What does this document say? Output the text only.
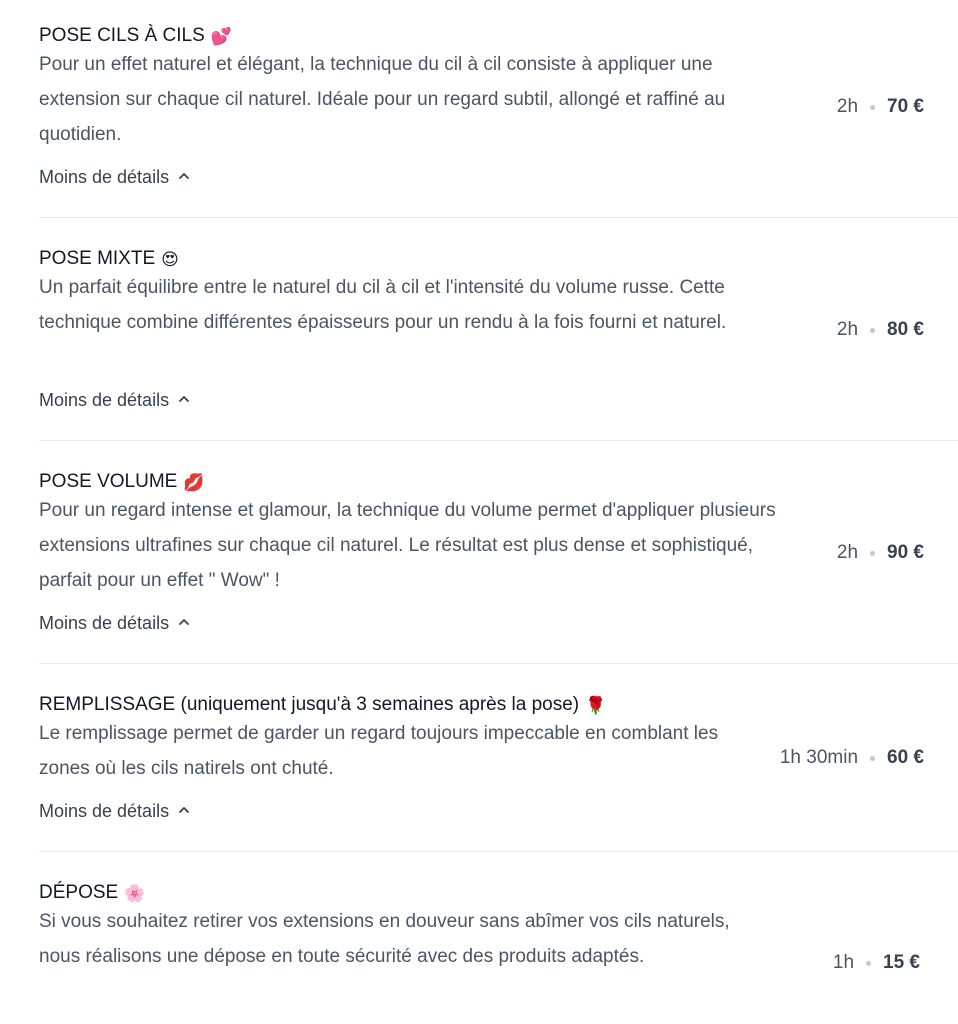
POSE CILS À CILS 💕
Pour un effet naturel et élégant, la technique du cil à cil consiste à appliquer une extension sur chaque cil naturel. Idéale pour un regard subtil, allongé et raffiné au quotidien.
Moins de détails
2h 70 €
POSE MIXTE 😍
Un parfait équilibre entre le naturel du cil à cil et l'intensité du volume russe. Cette technique combine différentes épaisseurs pour un rendu à la fois fourni et naturel.
Moins de détails
2h 80 €
POSE VOLUME 💋
Pour un regard intense et glamour, la technique du volume permet d'appliquer plusieurs extensions ultrafines sur chaque cil naturel. Le résultat est plus dense et sophistiqué, parfait pour un effet " Wow" !
Moins de détails
2h 90 €
REMPLISSAGE (uniquement jusqu'à 3 semaines après la pose) 🌹
Le remplissage permet de garder un regard toujours impeccable en comblant les zones où les cils natirels ont chuté.
Moins de détails
1h 30min 60 €
DÉPOSE 🌸
Si vous souhaitez retirer vos extensions en douveur sans abîmer vos cils naturels, nous réalisons une dépose en toute sécurité avec des produits adaptés.	1h 15 €
